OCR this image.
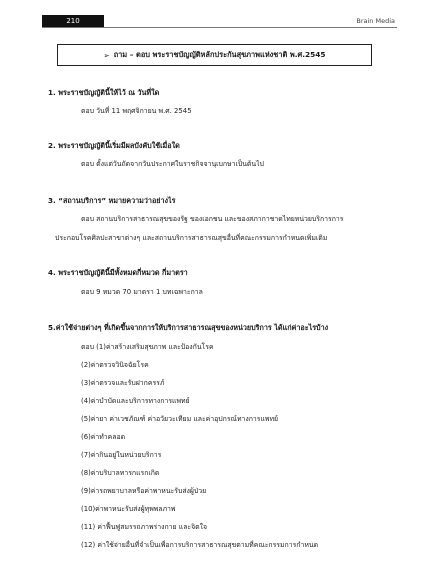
210	Brain Media
➢ ถาม – ตอบ พระราชบัญญัติหลักประกันสุขภาพแห่งชาติ พ.ศ.2545
1. พระราชบัญญัตินี้ให้ไว้ ณ วันที่ใด
ตอบ วันที่ 11 พฤศจิกายน พ.ศ. 2545
2. พระราชบัญญัตินี้เริ่มมีผลบังคับใช้เมื่อใด
ตอบ ตั้งแต่วันถัดจากวันประกาศในราชกิจจานุเบกษาเป็นต้นไป
3. “สถานบริการ” หมายความว่าอย่างไร
ตอบ สถานบริการสาธารณสุขของรัฐ ของเอกชน และของสภากาชาดไทยหน่วยบริการการ
ประกอบโรคศิลปะสาขาต่างๆ และสถานบริการสาธารณสุขอื่นที่คณะกรรมการกำหนดเพิ่มเติม
4. พระราชบัญญัตินี้มีทั้งหมดกี่หมวด กี่มาตรา
ตอบ 9 หมวด 70 มาตรา 1 บทเฉพาะกาล
5.ค่าใช้จ่ายต่างๆ ที่เกิดขึ้นจากการให้บริการสาธารณสุขของหน่วยบริการ ได้แก่ค่าอะไรบ้าง
ตอบ (1)ค่าสร้างเสริมสุขภาพ และป้องกันโรค
(2)ค่าตรวจวินิจฉัยโรค
(3)ค่าตรวจและรับฝากครรภ์
(4)ค่าบำบัดและบริการทางการแพทย์
(5)ค่ายา ค่าเวชภัณฑ์ ค่าอวัยวะเทียม และค่าอุปกรณ์ทางการแพทย์
(6)ค่าทำคลอด
(7)ค่ากินอยู่ในหน่วยบริการ
(8)ค่าบริบาลทารกแรกเกิด
(9)ค่ารถพยาบาลหรือค่าพาหนะรับส่งผู้ป่วย
(10)ค่าพาหนะรับส่งผู้ทุพพลภาพ
(11) ค่าฟื้นฟูสมรรถภาพร่างกาย และจิตใจ
(12) ค่าใช้จ่ายอื่นที่จำเป็นเพื่อการบริการสาธารณสุขตามที่คณะกรรมการกำหนด
